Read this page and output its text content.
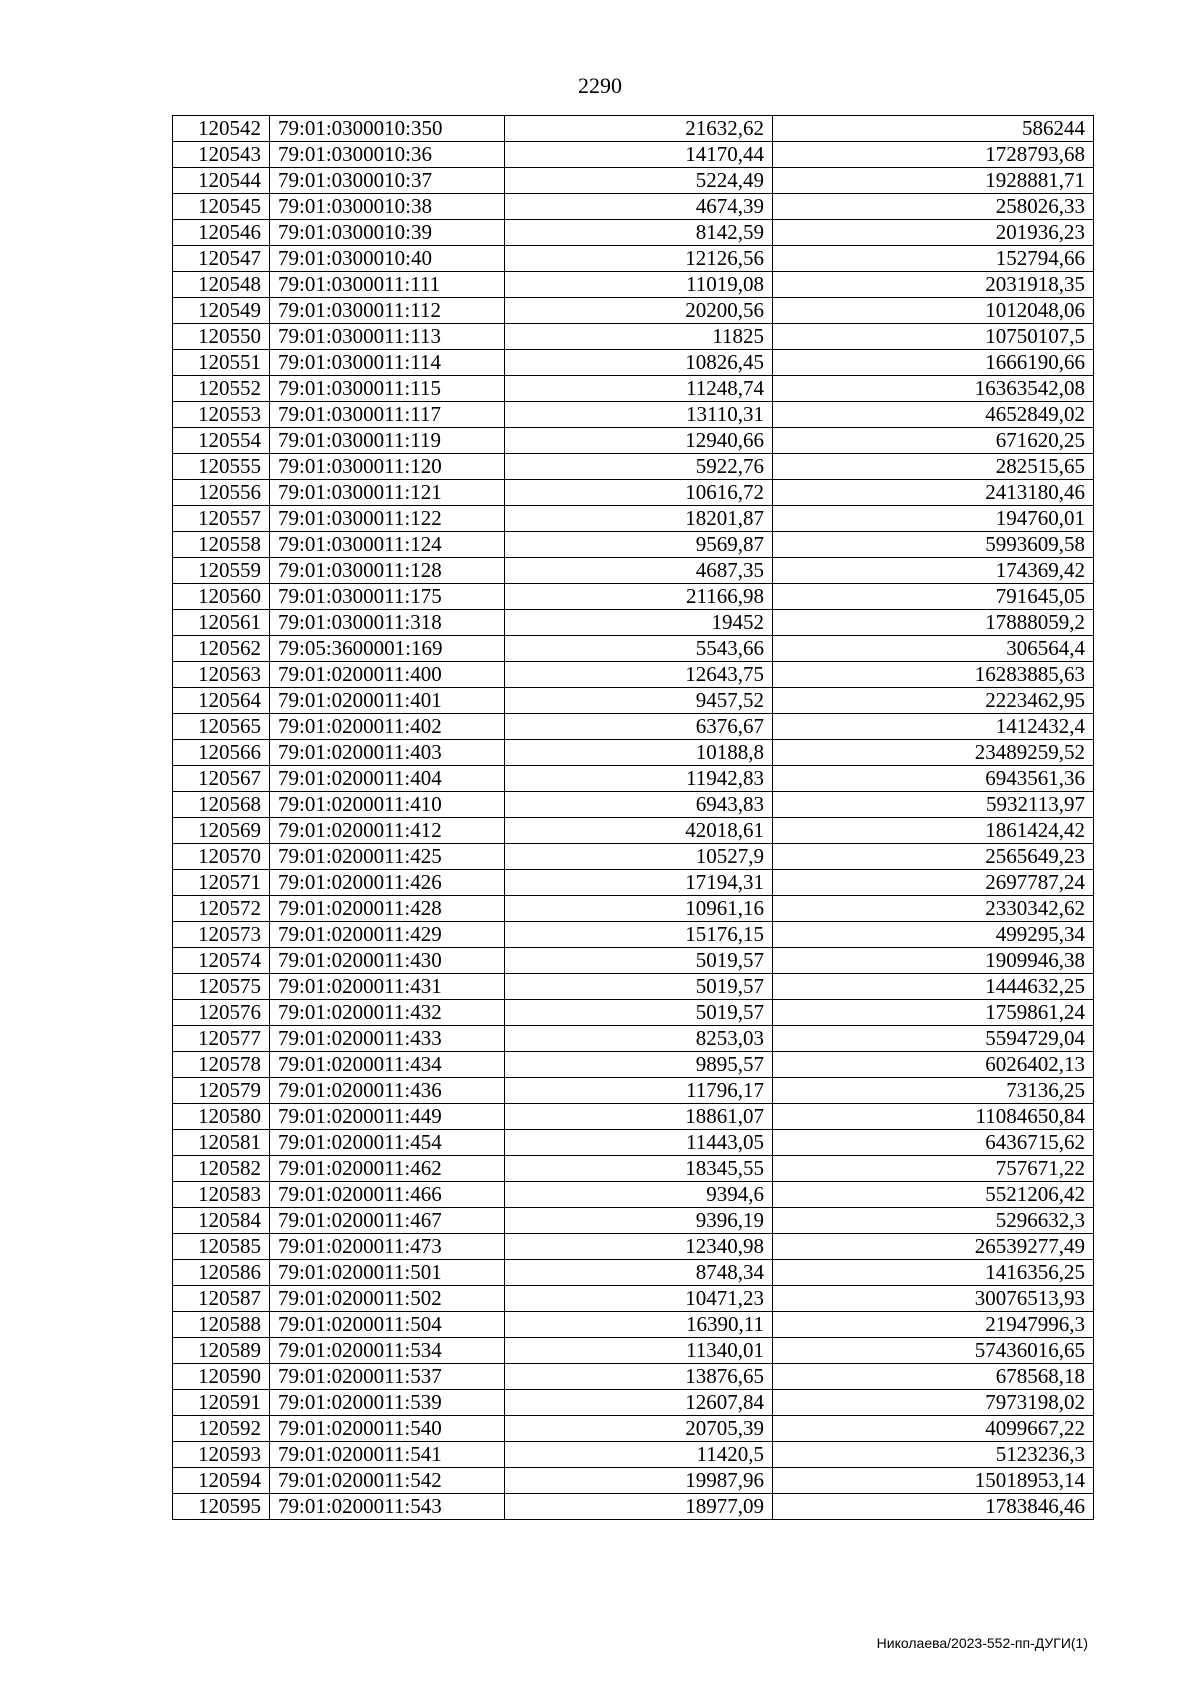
2290
120542	79:01:0300010:350	21632,62	586244
120543	79:01:0300010:36	14170,44	1728793,68
120544	79:01:0300010:37	5224,49	1928881,71
120545	79:01:0300010:38	4674,39	258026,33
120546	79:01:0300010:39	8142,59	201936,23
120547	79:01:0300010:40	12126,56	152794,66
120548	79:01:0300011:111	11019,08	2031918,35
120549	79:01:0300011:112	20200,56	1012048,06
120550	79:01:0300011:113	11825	10750107,5
120551	79:01:0300011:114	10826,45	1666190,66
120552	79:01:0300011:115	11248,74	16363542,08
120553	79:01:0300011:117	13110,31	4652849,02
120554	79:01:0300011:119	12940,66	671620,25
120555	79:01:0300011:120	5922,76	282515,65
120556	79:01:0300011:121	10616,72	2413180,46
120557	79:01:0300011:122	18201,87	194760,01
120558	79:01:0300011:124	9569,87	5993609,58
120559	79:01:0300011:128	4687,35	174369,42
120560	79:01:0300011:175	21166,98	791645,05
120561	79:01:0300011:318	19452	17888059,2
120562	79:05:3600001:169	5543,66	306564,4
120563	79:01:0200011:400	12643,75	16283885,63
120564	79:01:0200011:401	9457,52	2223462,95
120565	79:01:0200011:402	6376,67	1412432,4
120566	79:01:0200011:403	10188,8	23489259,52
120567	79:01:0200011:404	11942,83	6943561,36
120568	79:01:0200011:410	6943,83	5932113,97
120569	79:01:0200011:412	42018,61	1861424,42
120570	79:01:0200011:425	10527,9	2565649,23
120571	79:01:0200011:426	17194,31	2697787,24
120572	79:01:0200011:428	10961,16	2330342,62
120573	79:01:0200011:429	15176,15	499295,34
120574	79:01:0200011:430	5019,57	1909946,38
120575	79:01:0200011:431	5019,57	1444632,25
120576	79:01:0200011:432	5019,57	1759861,24
120577	79:01:0200011:433	8253,03	5594729,04
120578	79:01:0200011:434	9895,57	6026402,13
120579	79:01:0200011:436	11796,17	73136,25
120580	79:01:0200011:449	18861,07	11084650,84
120581	79:01:0200011:454	11443,05	6436715,62
120582	79:01:0200011:462	18345,55	757671,22
120583	79:01:0200011:466	9394,6	5521206,42
120584	79:01:0200011:467	9396,19	5296632,3
120585	79:01:0200011:473	12340,98	26539277,49
120586	79:01:0200011:501	8748,34	1416356,25
120587	79:01:0200011:502	10471,23	30076513,93
120588	79:01:0200011:504	16390,11	21947996,3
120589	79:01:0200011:534	11340,01	57436016,65
120590	79:01:0200011:537	13876,65	678568,18
120591	79:01:0200011:539	12607,84	7973198,02
120592	79:01:0200011:540	20705,39	4099667,22
120593	79:01:0200011:541	11420,5	5123236,3
120594	79:01:0200011:542	19987,96	15018953,14
120595	79:01:0200011:543	18977,09	1783846,46
Николаева/2023-552-пп-ДУГИ(1)
